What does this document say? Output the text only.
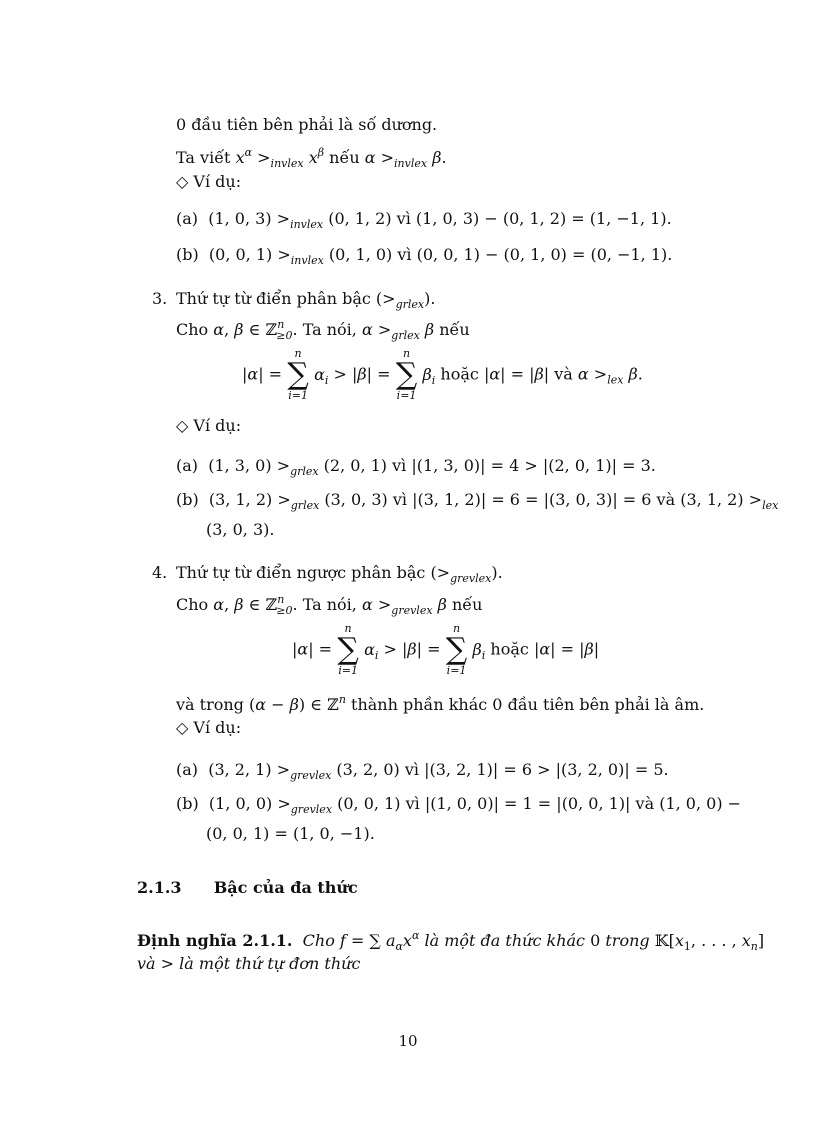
0 đầu tiên bên phải là số dương.
Ta viết $x^\alpha >_{invlex}$ $x^\beta$ nếu $\alpha >_{invlex}$ β.
◇ Ví dụ:
(a)  (1, 0, $3) >_{invlex}$ (0, 1, 2) vì (1, 0, 3) − (0, 1, 2) = (1, −1, 1).
(b)  (0, 0, $1) >_{invlex}$ (0, 1, 0) vì (0, 0, 1) − (0, 1, 0) = (0, −1, 1).
3. Thứ tự từ điển phân bậc $(>_{grlex})$.
Cho α, β ∈ ℤ$^n_{\ge 0}$. Ta nói, $\alpha >_{grlex}$ β nếu
|α| =
n
∑
i=1
$\alpha_i > |\beta|$ =
n
∑
i=1
$\beta_i$ hoặc |α| = |β| và $\alpha >_{lex}$ β.
◇ Ví dụ:
(a)  (1, 3, $0) >_{grlex}$ (2, 0, 1) vì |(1, 3, 0)| = 4 > |(2, 0, 1)| = 3.
(b)  (3, 1, $2) >_{grlex}$ (3, 0, 3) vì |(3, 1, 2)| = 6 = |(3, 0, 3)| = 6 và (3, 1, $2) >_{lex}$
(3, 0, 3).
4. Thứ tự từ điển ngược phân bậc $(>_{grevlex})$.
Cho α, β ∈ ℤ$^n_{\ge 0}$. Ta nói, $\alpha >_{grevlex}$ β nếu
|α| =
n
∑
i=1
$\alpha_i > |\beta|$ =
n
∑
i=1
$\beta_i$ hoặc |α| = |β|
và trong (α − β) ∈ ℤ$^n$ thành phần khác 0 đầu tiên bên phải là âm.
◇ Ví dụ:
(a)  (3, 2, $1) >_{grevlex}$ (3, 2, 0) vì |(3, 2, 1)| = 6 > |(3, 2, 0)| = 5.
(b)  (1, 0, $0) >_{grevlex}$ (0, 0, 1) vì |(1, 0, 0)| = 1 = |(0, 0, 1)| và (1, 0, 0) −
(0, 0, 1) = (1, 0, −1).
2.1.3 Bậc của đa thức
Định nghĩa 2.1.1. Cho f = ∑ $a_\alpha x^\alpha$ là một đa thức khác 0 trong $𝕂[x_1$, . . . , $x_n$]
và > là một thứ tự đơn thức
10
